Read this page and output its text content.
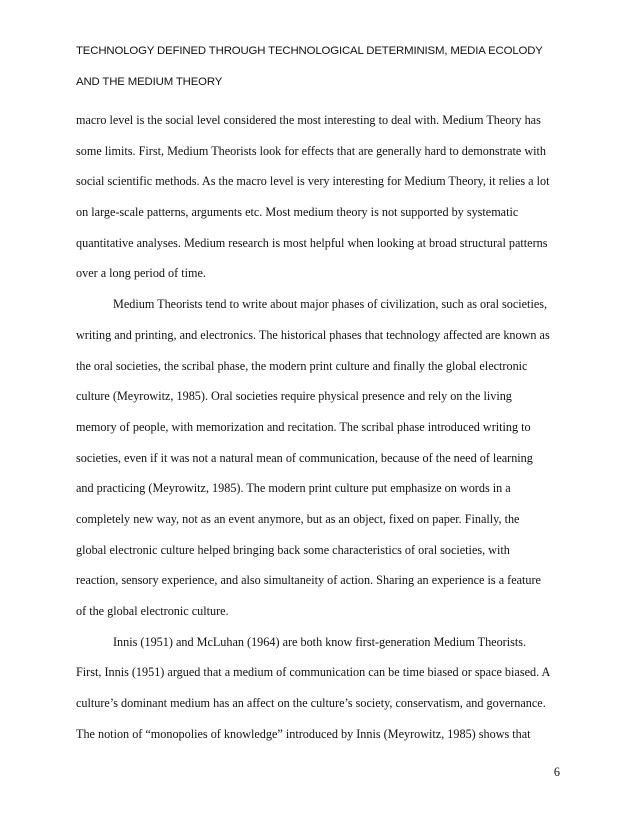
TECHNOLOGY DEFINED THROUGH TECHNOLOGICAL DETERMINISM, MEDIA ECOLODY
AND THE MEDIUM THEORY
macro level is the social level considered the most interesting to deal with. Medium Theory has
some limits. First, Medium Theorists look for effects that are generally hard to demonstrate with
social scientific methods. As the macro level is very interesting for Medium Theory, it relies a lot
on large-scale patterns, arguments etc. Most medium theory is not supported by systematic
quantitative analyses. Medium research is most helpful when looking at broad structural patterns
over a long period of time.
Medium Theorists tend to write about major phases of civilization, such as oral societies,
writing and printing, and electronics. The historical phases that technology affected are known as
the oral societies, the scribal phase, the modern print culture and finally the global electronic
culture (Meyrowitz, 1985). Oral societies require physical presence and rely on the living
memory of people, with memorization and recitation. The scribal phase introduced writing to
societies, even if it was not a natural mean of communication, because of the need of learning
and practicing (Meyrowitz, 1985). The modern print culture put emphasize on words in a
completely new way, not as an event anymore, but as an object, fixed on paper. Finally, the
global electronic culture helped bringing back some characteristics of oral societies, with
reaction, sensory experience, and also simultaneity of action. Sharing an experience is a feature
of the global electronic culture.
Innis (1951) and McLuhan (1964) are both know first-generation Medium Theorists.
First, Innis (1951) argued that a medium of communication can be time biased or space biased. A
culture’s dominant medium has an affect on the culture’s society, conservatism, and governance.
The notion of “monopolies of knowledge” introduced by Innis (Meyrowitz, 1985) shows that
6
